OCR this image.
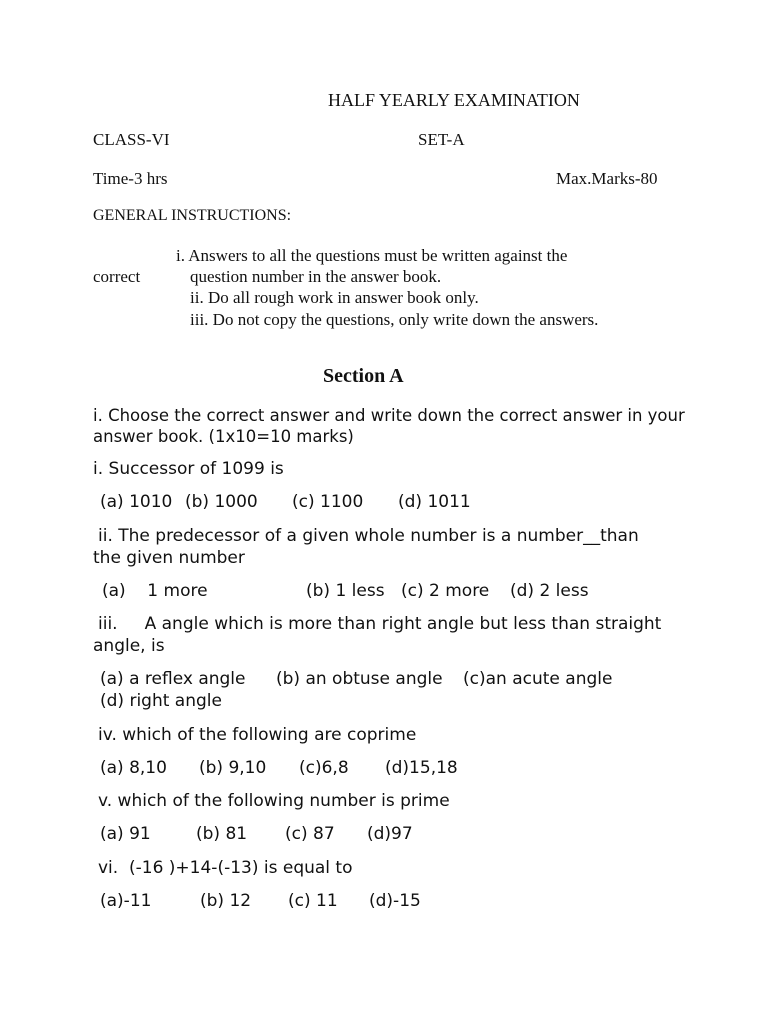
HALF YEARLY EXAMINATION
CLASS-VI	SET-A
Time-3 hrs	Max.Marks-80
GENERAL INSTRUCTIONS:
i. Answers to all the questions must be written against the
correct	question number in the answer book.
ii. Do all rough work in answer book only.
iii. Do not copy the questions, only write down the answers.
Section A
i. Choose the correct answer and write down the correct answer in your
answer book. (1x10=10 marks)
i. Successor of 1099 is
(a) 1010 (b) 1000 (c) 1100 (d) 1011
ii. The predecessor of a given whole number is a number__than
the given number
(a)    1 more	(b) 1 less (c) 2 more (d) 2 less
iii.     A angle which is more than right angle but less than straight
angle, is
(a) a reflex angle (b) an obtuse angle (c)an acute angle
(d) right angle
iv. which of the following are coprime
(a) 8,10 (b) 9,10 (c)6,8 (d)15,18
v. which of the following number is prime
(a) 91	(b) 81 (c) 87 (d)97
vi.  (-16 )+14-(-13) is equal to
(a)-11	(b) 12 (c) 11 (d)-15
